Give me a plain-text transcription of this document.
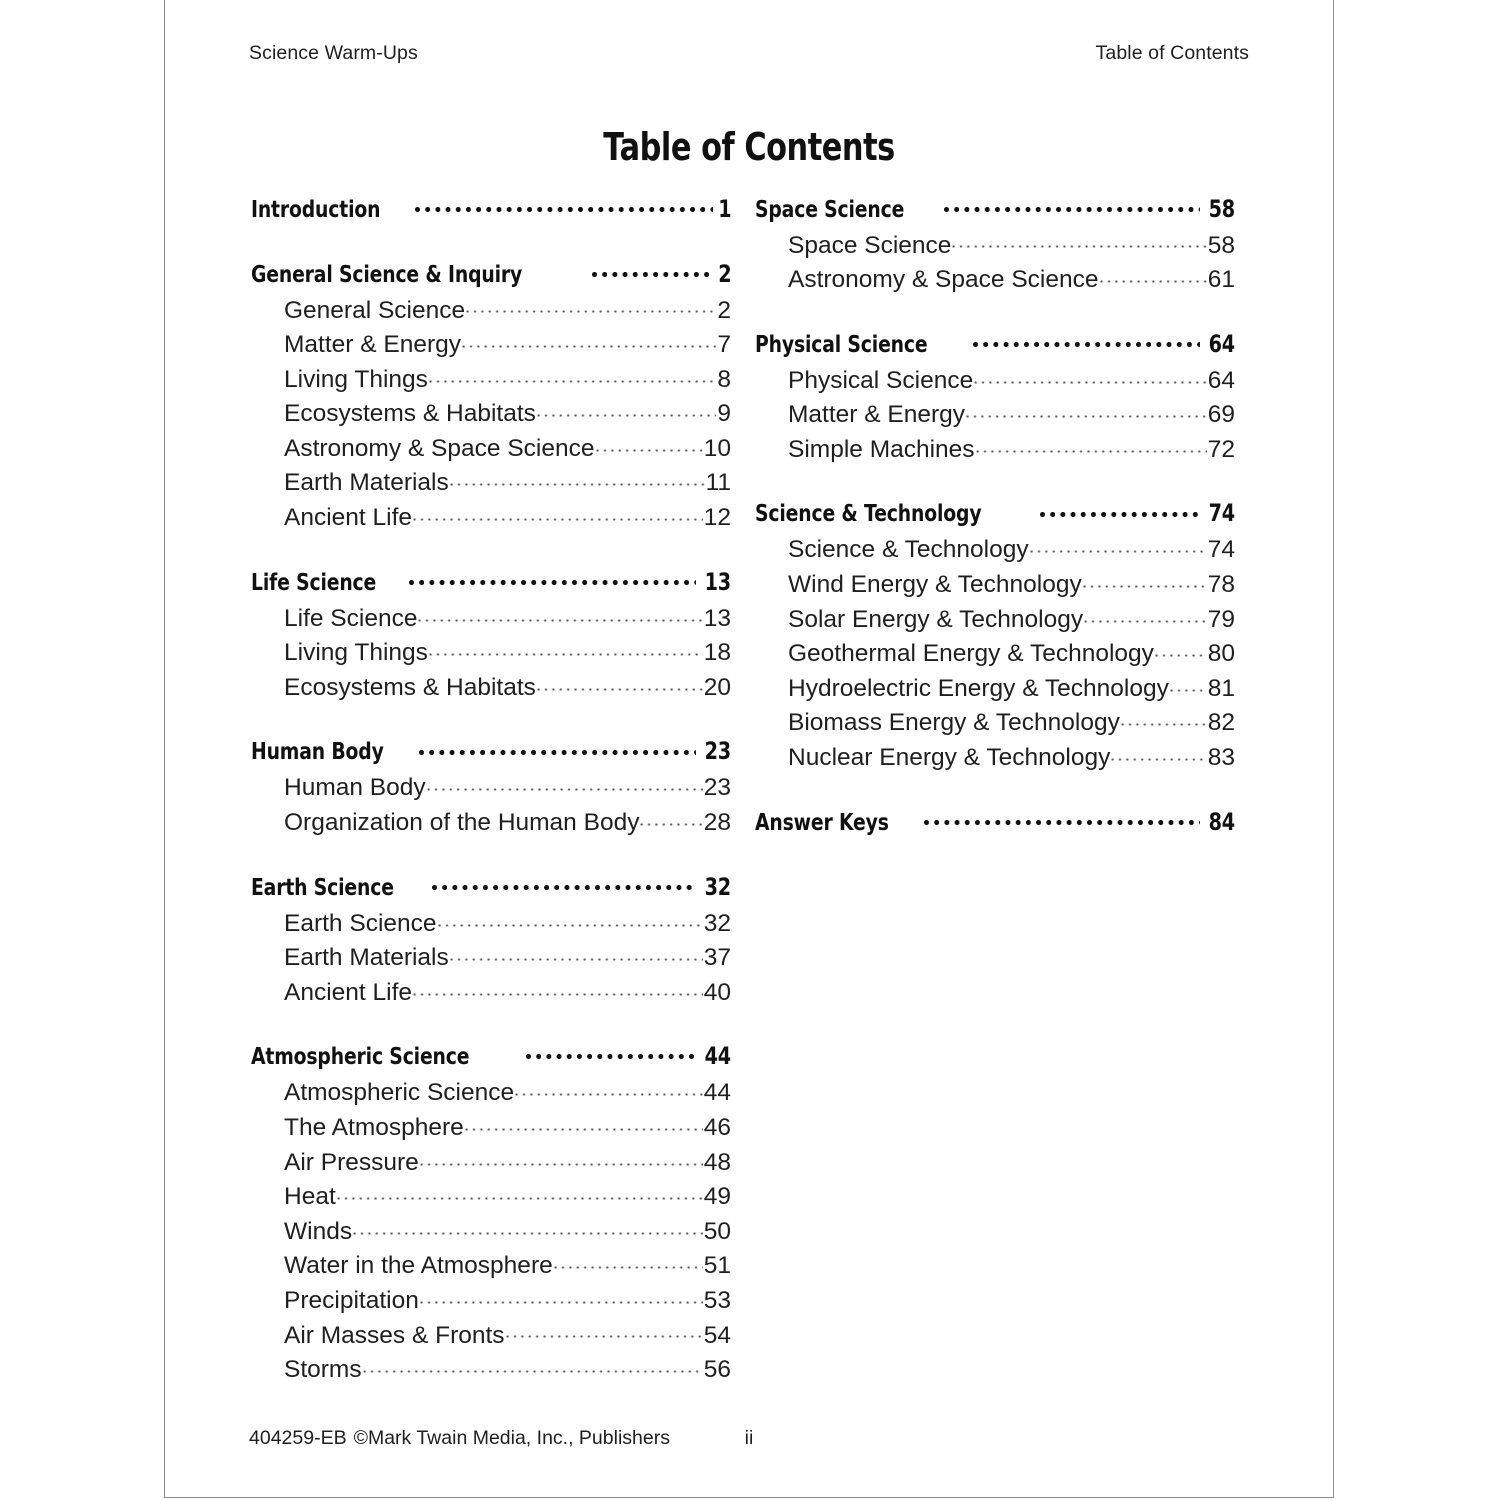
Science Warm-Ups	Table of Contents
Table of Contents
Introduction	1
General Science & Inquiry	2
General Science	2
Matter & Energy	7
Living Things	8
Ecosystems & Habitats	9
Astronomy & Space Science	10
Earth Materials	11
Ancient Life	12
Life Science	13
Life Science	13
Living Things	18
Ecosystems & Habitats	20
Human Body	23
Human Body	23
Organization of the Human Body	28
Earth Science	32
Earth Science	32
Earth Materials	37
Ancient Life	40
Atmospheric Science	44
Atmospheric Science	44
The Atmosphere	46
Air Pressure	48
Heat	49
Winds	50
Water in the Atmosphere	51
Precipitation	53
Air Masses & Fronts	54
Storms	56
Space Science	58
Space Science	58
Astronomy & Space Science	61
Physical Science	64
Physical Science	64
Matter & Energy	69
Simple Machines	72
Science & Technology	74
Science & Technology	74
Wind Energy & Technology	78
Solar Energy & Technology	79
Geothermal Energy & Technology 80
Hydroelectric Energy & Technology 81
Biomass Energy & Technology	82
Nuclear Energy & Technology	83
Answer Keys	84
404259-EB ©Mark Twain Media, Inc., Publishers	ii
